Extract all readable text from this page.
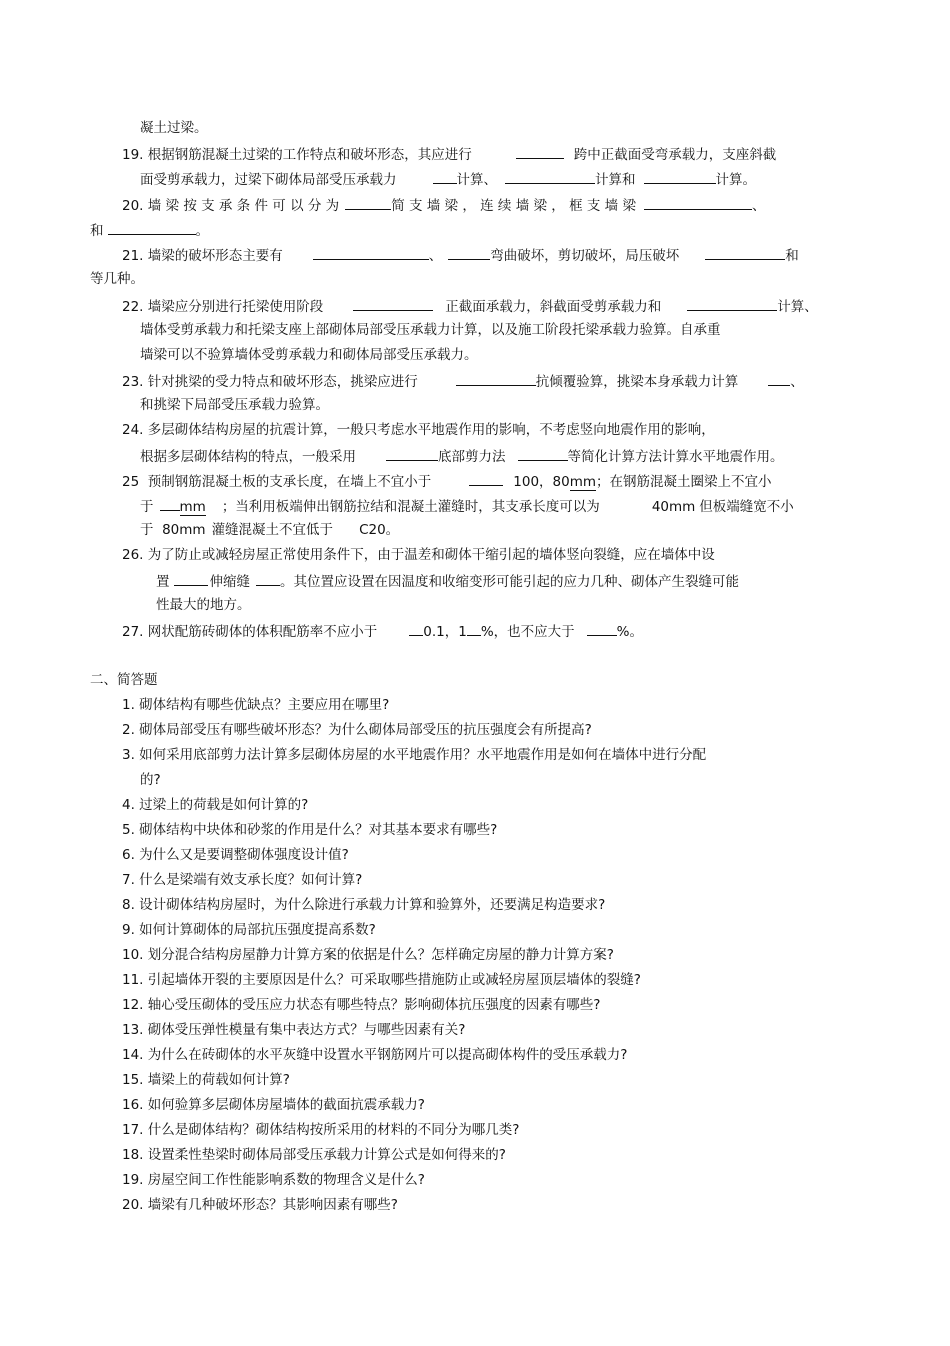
凝土过梁。
19. 根据钢筋混凝土过梁的工作特点和破坏形态，其应进行	跨中正截面受弯承载力，支座斜截
面受剪承载力，过梁下砌体局部受压承载力	计算、	计算和	计算。
20. 墙 梁 按 支 承 条 件 可 以 分 为	简 支 墙 梁 ， 连 续 墙 梁 ， 框 支 墙 梁	、
和	。
21. 墙梁的破坏形态主要有	、	弯曲破坏，剪切破坏，局压破坏	和
等几种。
22. 墙梁应分别进行托梁使用阶段	正截面承载力，斜截面受剪承载力和	计算、
墙体受剪承载力和托梁支座上部砌体局部受压承载力计算，以及施工阶段托梁承载力验算。自承重
墙梁可以不验算墙体受剪承载力和砌体局部受压承载力。
23. 针对挑梁的受力特点和破坏形态，挑梁应进行	抗倾覆验算，挑梁本身承载力计算	、
和挑梁下局部受压承载力验算。
24. 多层砌体结构房屋的抗震计算，一般只考虑水平地震作用的影响，不考虑竖向地震作用的影响，
根据多层砌体结构的特点，一般采用	底部剪力法	等简化计算方法计算水平地震作用。
25  预制钢筋混凝土板的支承长度，在墙上不宜小于	100，80mm；在钢筋混凝土圈梁上不宜小
于 mm ；当利用板端伸出钢筋拉结和混凝土灌缝时，其支承长度可以为	40mm 但板端缝宽不小
于  80mm 灌缝混凝土不宜低于 C20。
26. 为了防止或减轻房屋正常使用条件下，由于温差和砌体干缩引起的墙体竖向裂缝，应在墙体中设
置	伸缩缝 。其位置应设置在因温度和收缩变形可能引起的应力几种、砌体产生裂缝可能
性最大的地方。
27. 网状配筋砖砌体的体积配筋率不应小于	0.1，1 %，也不应大于	%。
二、简答题
1. 砌体结构有哪些优缺点？主要应用在哪里?
2. 砌体局部受压有哪些破坏形态？为什么砌体局部受压的抗压强度会有所提高?
3. 如何采用底部剪力法计算多层砌体房屋的水平地震作用？水平地震作用是如何在墙体中进行分配
的?
4. 过梁上的荷载是如何计算的?
5. 砌体结构中块体和砂浆的作用是什么？对其基本要求有哪些?
6. 为什么又是要调整砌体强度设计值?
7. 什么是梁端有效支承长度？如何计算?
8. 设计砌体结构房屋时，为什么除进行承载力计算和验算外，还要满足构造要求?
9. 如何计算砌体的局部抗压强度提高系数?
10. 划分混合结构房屋静力计算方案的依据是什么？怎样确定房屋的静力计算方案?
11. 引起墙体开裂的主要原因是什么？可采取哪些措施防止或减轻房屋顶层墙体的裂缝?
12. 轴心受压砌体的受压应力状态有哪些特点？影响砌体抗压强度的因素有哪些?
13. 砌体受压弹性模量有集中表达方式？与哪些因素有关?
14. 为什么在砖砌体的水平灰缝中设置水平钢筋网片可以提高砌体构件的受压承载力?
15. 墙梁上的荷载如何计算?
16. 如何验算多层砌体房屋墙体的截面抗震承载力?
17. 什么是砌体结构？砌体结构按所采用的材料的不同分为哪几类?
18. 设置柔性垫梁时砌体局部受压承载力计算公式是如何得来的?
19. 房屋空间工作性能影响系数的物理含义是什么?
20. 墙梁有几种破坏形态？其影响因素有哪些?
